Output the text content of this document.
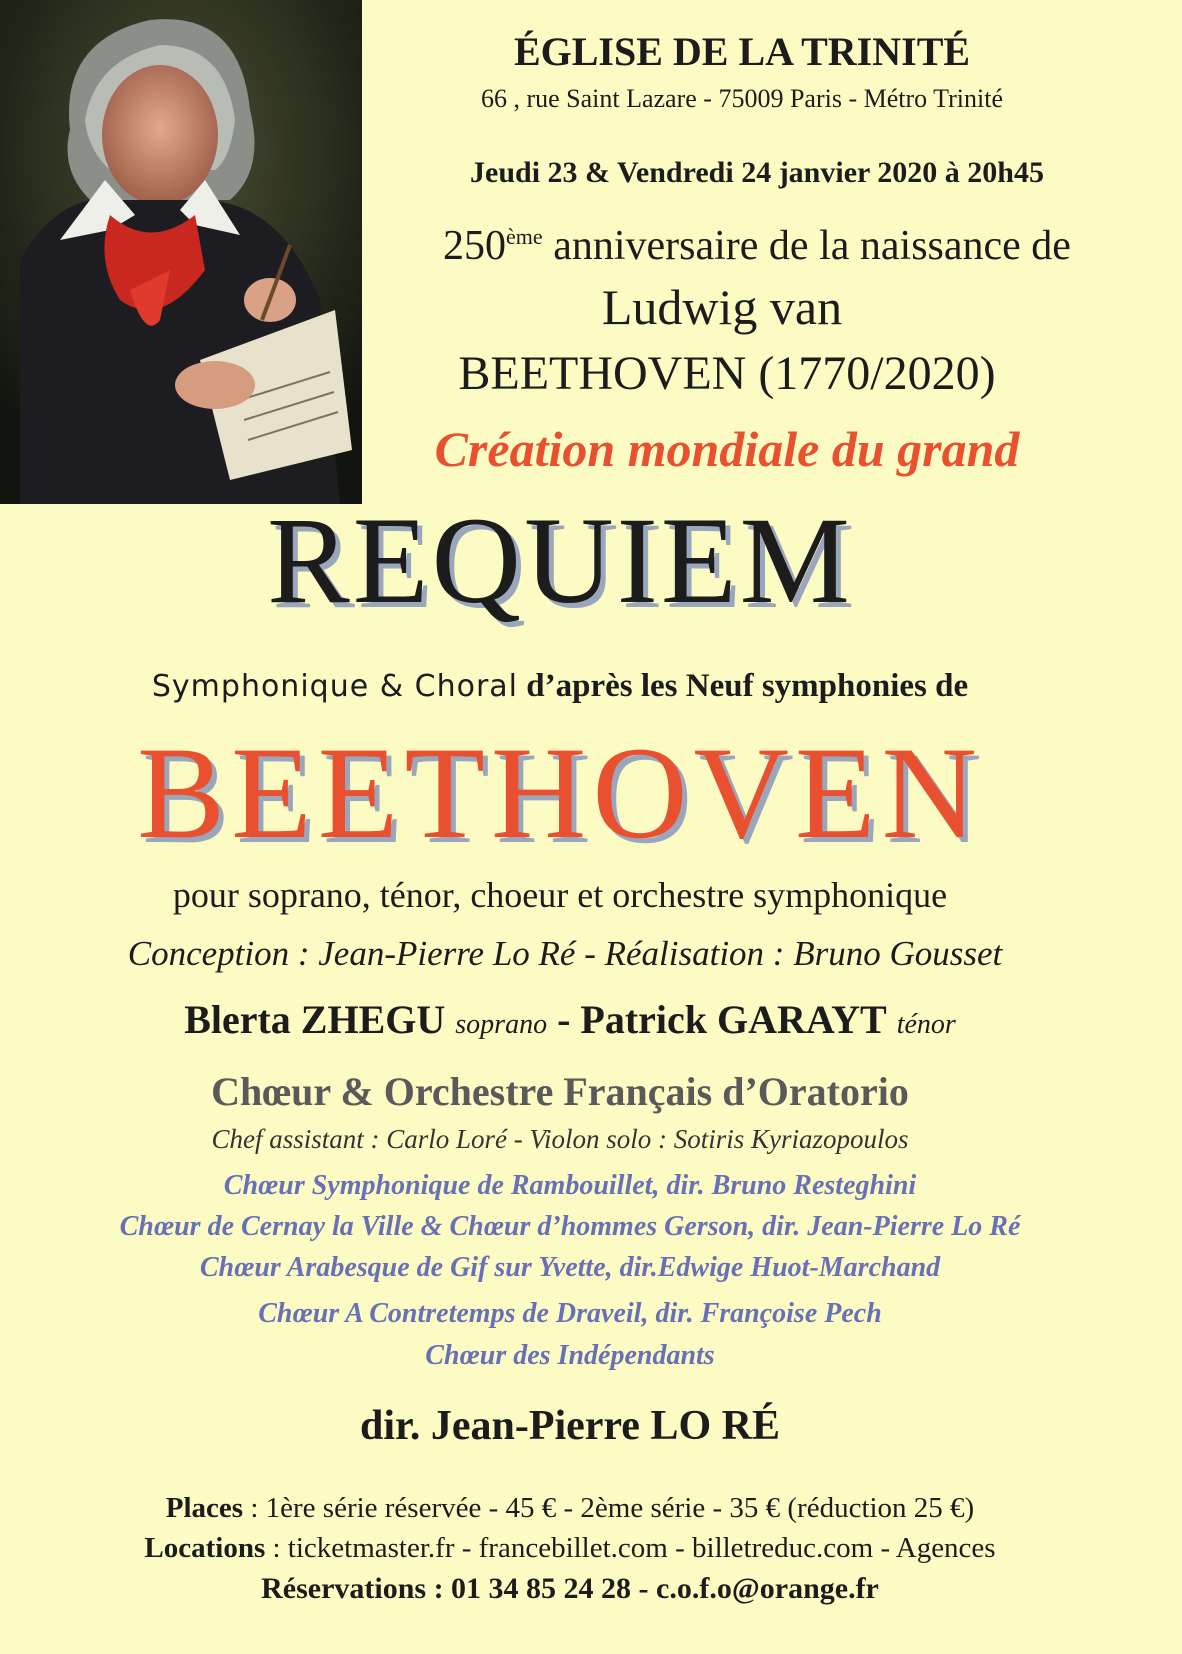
ÉGLISE DE LA TRINITÉ
66 , rue Saint Lazare - 75009 Paris - Métro Trinité
Jeudi 23 & Vendredi 24 janvier 2020 à 20h45
250ème anniversaire de la naissance de
Ludwig van
BEETHOVEN (1770/2020)
Création mondiale du grand
REQUIEM
Symphonique & Choral d’après les Neuf symphonies de
BEETHOVEN
pour soprano, ténor, choeur et orchestre symphonique
Conception : Jean-Pierre Lo Ré - Réalisation : Bruno Gousset
Blerta ZHEGU soprano - Patrick GARAYT ténor
Chœur & Orchestre Français d’Oratorio
Chef assistant : Carlo Loré - Violon solo : Sotiris Kyriazopoulos
Chœur Symphonique de Rambouillet, dir. Bruno Resteghini
Chœur de Cernay la Ville & Chœur d’hommes Gerson, dir. Jean-Pierre Lo Ré
Chœur Arabesque de Gif sur Yvette, dir.Edwige Huot-Marchand
Chœur A Contretemps de Draveil, dir. Françoise Pech
Chœur des Indépendants
dir. Jean-Pierre LO RÉ
Places : 1ère série réservée - 45 € - 2ème série - 35 € (réduction 25 €)
Locations : ticketmaster.fr - francebillet.com - billetreduc.com - Agences
Réservations : 01 34 85 24 28 - c.o.f.o@orange.fr
